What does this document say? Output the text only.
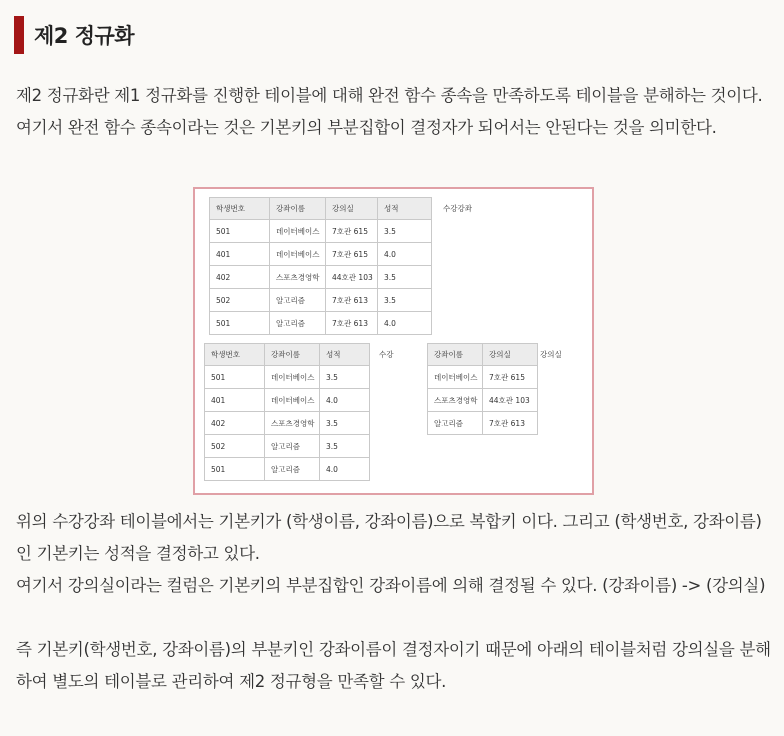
제2 정규화

제2 정규화란 제1 정규화를 진행한 테이블에 대해 완전 함수 종속을 만족하도록 테이블을 분해하는 것이다. 여기서 완전 함수 종속이라는 것은 기본키의 부분집합이 결정자가 되어서는 안된다는 것을 의미한다.

학생번호	강좌이름	강의실	성적
501	데이터베이스	7호관 615	3.5
401	데이터베이스	7호관 615	4.0
402	스포츠경영학	44호관 103	3.5
502	알고리즘	7호관 613	3.5
501	알고리즘	7호관 613	4.0
수강강좌
학생번호	강좌이름	성적
501	데이터베이스	3.5
401	데이터베이스	4.0
402	스포츠경영학	3.5
502	알고리즘	3.5
501	알고리즘	4.0
수강	강좌이름	강의실
데이터베이스	7호관 615
스포츠경영학	44호관 103
알고리즘	7호관 613
강의실

위의 수강강좌 테이블에서는 기본키가 (학생이름, 강좌이름)으로 복합키 이다. 그리고 (학생번호, 강좌이름)인 기본키는 성적을 결정하고 있다.

여기서 강의실이라는 컬럼은 기본키의 부분집합인 강좌이름에 의해 결정될 수 있다. (강좌이름) -> (강의실)

즉 기본키(학생번호, 강좌이름)의 부분키인 강좌이름이 결정자이기 때문에 아래의 테이블처럼 강의실을 분해하여 별도의 테이블로 관리하여 제2 정규형을 만족할 수 있다.
